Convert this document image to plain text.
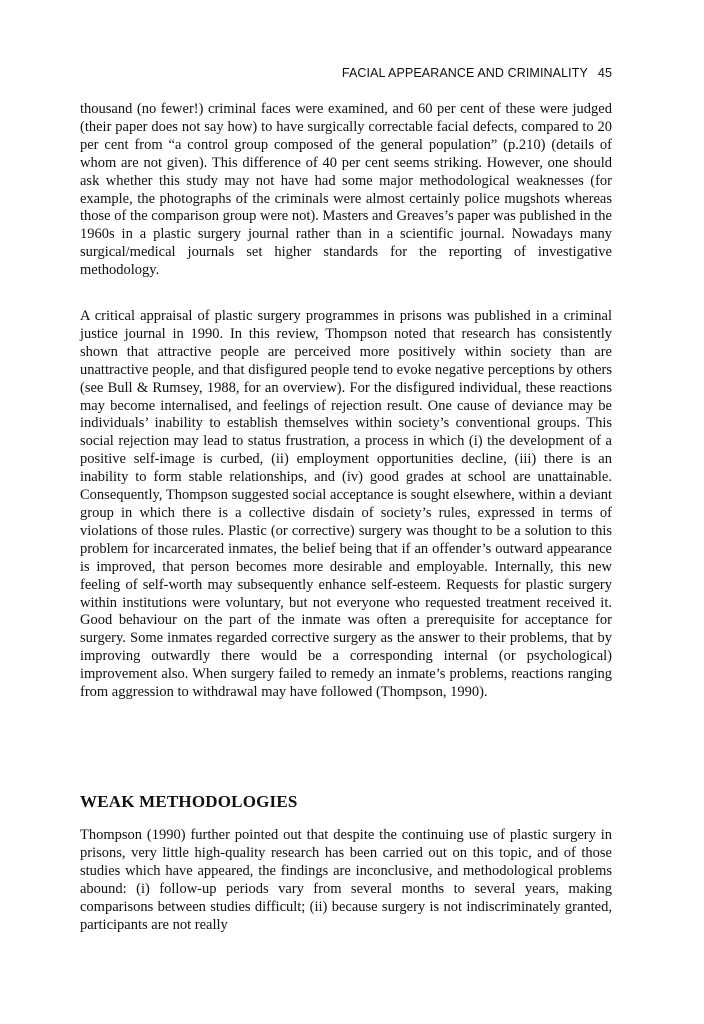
FACIAL APPEARANCE AND CRIMINALITY 45

thousand (no fewer!) criminal faces were examined, and 60 per cent of these were judged (their paper does not say how) to have surgically correctable facial defects, compared to 20 per cent from “a control group composed of the general population” (p.210) (details of whom are not given). This difference of 40 per cent seems striking. However, one should ask whether this study may not have had some major methodological weaknesses (for example, the photographs of the criminals were almost certainly police mugshots whereas those of the comparison group were not). Masters and Greaves’s paper was published in the 1960s in a plastic surgery journal rather than in a scientific journal. Nowadays many surgical/medical journals set higher standards for the reporting of investigative methodology.

A critical appraisal of plastic surgery programmes in prisons was published in a criminal justice journal in 1990. In this review, Thompson noted that research has consistently shown that attractive people are perceived more positively within society than are unattractive people, and that disfigured people tend to evoke negative perceptions by others (see Bull & Rumsey, 1988, for an overview). For the disfigured individual, these reactions may become internalised, and feelings of rejection result. One cause of deviance may be individuals’ inability to establish themselves within society’s conventional groups. This social rejection may lead to status frustration, a process in which (i) the development of a positive self-image is curbed, (ii) employment opportunities decline, (iii) there is an inability to form stable relationships, and (iv) good grades at school are unattainable. Consequently, Thompson suggested social acceptance is sought elsewhere, within a deviant group in which there is a collective disdain of society’s rules, expressed in terms of violations of those rules. Plastic (or corrective) surgery was thought to be a solution to this problem for incarcerated inmates, the belief being that if an offender’s outward appearance is improved, that person becomes more desirable and employable. Internally, this new feeling of self-worth may subsequently enhance self-esteem. Requests for plastic surgery within institutions were voluntary, but not everyone who requested treatment received it. Good behaviour on the part of the inmate was often a prerequisite for acceptance for surgery. Some inmates regarded corrective surgery as the answer to their problems, that by improving outwardly there would be a corresponding internal (or psychological) improvement also. When surgery failed to remedy an inmate’s problems, reactions ranging from aggression to withdrawal may have followed (Thompson, 1990).

WEAK METHODOLOGIES

Thompson (1990) further pointed out that despite the continuing use of plastic surgery in prisons, very little high-quality research has been carried out on this topic, and of those studies which have appeared, the findings are inconclusive, and methodological problems abound: (i) follow-up periods vary from several months to several years, making comparisons between studies difficult; (ii) because surgery is not indiscriminately granted, participants are not really
